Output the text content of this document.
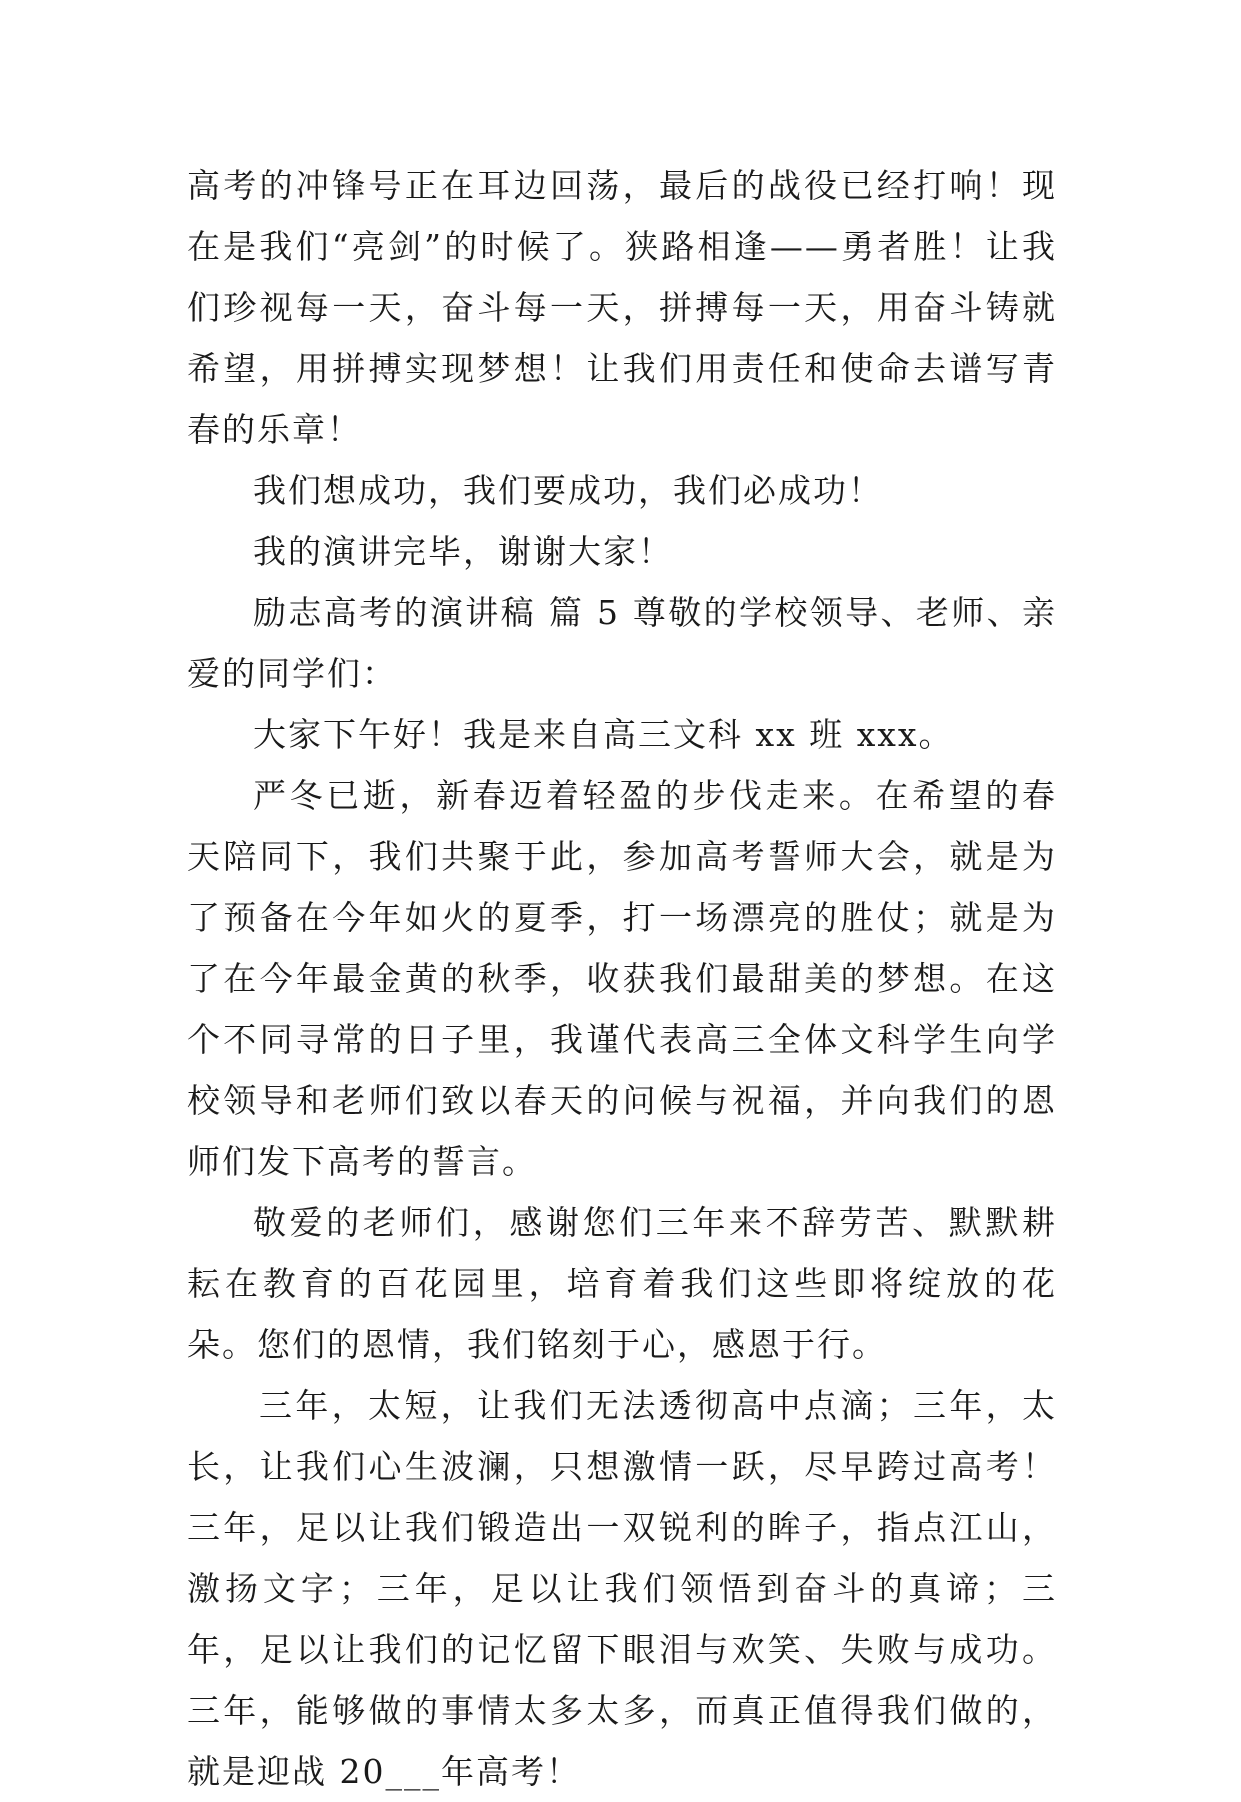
高考的冲锋号正在耳边回荡，最后的战役已经打响！现在是我们“亮剑”的时候了。狭路相逢——勇者胜！让我们珍视每一天，奋斗每一天，拼搏每一天，用奋斗铸就希望，用拼搏实现梦想！让我们用责任和使命去谱写青春的乐章！

我们想成功，我们要成功，我们必成功！

我的演讲完毕，谢谢大家！

励志高考的演讲稿 篇 5 尊敬的学校领导、老师、亲爱的同学们：

大家下午好！我是来自高三文科 xx 班 xxx。

严冬已逝，新春迈着轻盈的步伐走来。在希望的春天陪同下，我们共聚于此，参加高考誓师大会，就是为了预备在今年如火的夏季，打一场漂亮的胜仗；就是为了在今年最金黄的秋季，收获我们最甜美的梦想。在这个不同寻常的日子里，我谨代表高三全体文科学生向学校领导和老师们致以春天的问候与祝福，并向我们的恩师们发下高考的誓言。

敬爱的老师们，感谢您们三年来不辞劳苦、默默耕耘在教育的百花园里，培育着我们这些即将绽放的花朵。您们的恩情，我们铭刻于心，感恩于行。

三年，太短，让我们无法透彻高中点滴；三年，太长，让我们心生波澜，只想激情一跃，尽早跨过高考！三年，足以让我们锻造出一双锐利的眸子，指点江山，激扬文字；三年，足以让我们领悟到奋斗的真谛；三年，足以让我们的记忆留下眼泪与欢笑、失败与成功。三年，能够做的事情太多太多，而真正值得我们做的，就是迎战 20___年高考！
